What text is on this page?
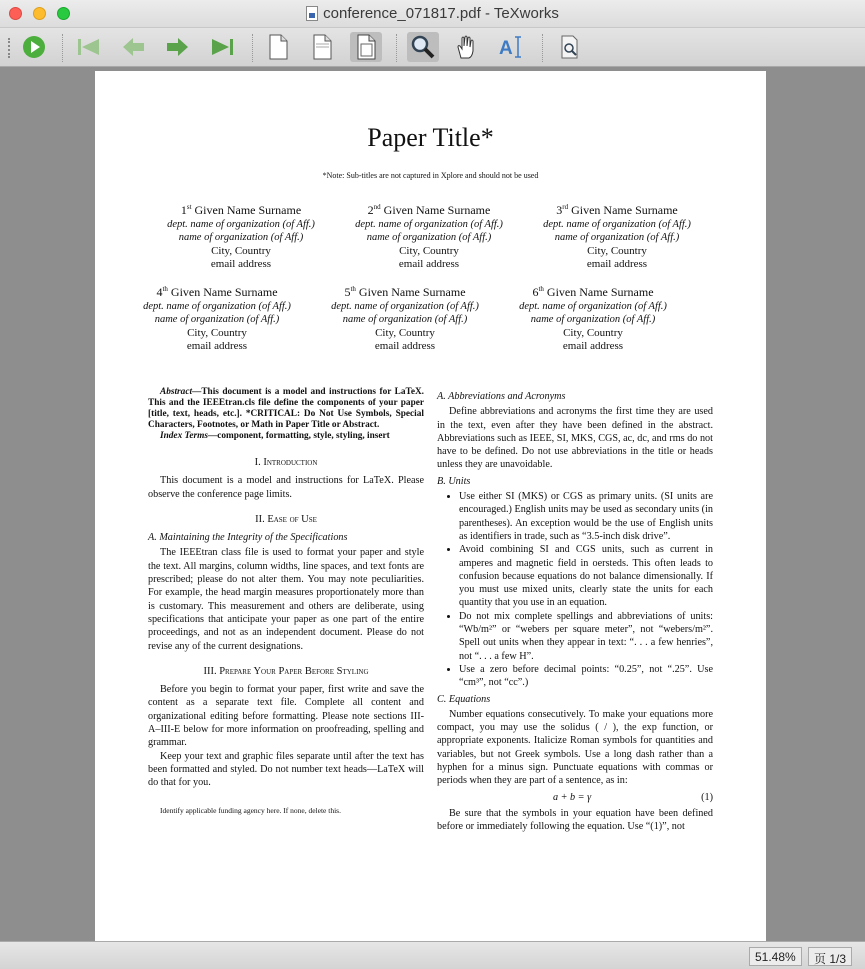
conference_071817.pdf - TeXworks
A
Paper Title*
*Note: Sub-titles are not captured in Xplore and should not be used
1st Given Name Surname
dept. name of organization (of Aff.)
name of organization (of Aff.)
City, Country
email address
2nd Given Name Surname
dept. name of organization (of Aff.)
name of organization (of Aff.)
City, Country
email address
3rd Given Name Surname
dept. name of organization (of Aff.)
name of organization (of Aff.)
City, Country
email address
4th Given Name Surname
dept. name of organization (of Aff.)
name of organization (of Aff.)
City, Country
email address
5th Given Name Surname
dept. name of organization (of Aff.)
name of organization (of Aff.)
City, Country
email address
6th Given Name Surname
dept. name of organization (of Aff.)
name of organization (of Aff.)
City, Country
email address

Abstract—This document is a model and instructions for LaTeX. This and the IEEEtran.cls file define the components of your paper [title, text, heads, etc.]. *CRITICAL: Do Not Use Symbols, Special Characters, Footnotes, or Math in Paper Title or Abstract.

Index Terms—component, formatting, style, styling, insert

I. Introduction

This document is a model and instructions for LaTeX. Please observe the conference page limits.

II. Ease of Use
A. Maintaining the Integrity of the Specifications

The IEEEtran class file is used to format your paper and style the text. All margins, column widths, line spaces, and text fonts are prescribed; please do not alter them. You may note peculiarities. For example, the head margin measures proportionately more than is customary. This measurement and others are deliberate, using specifications that anticipate your paper as one part of the entire proceedings, and not as an independent document. Please do not revise any of the current designations.

III. Prepare Your Paper Before Styling

Before you begin to format your paper, first write and save the content as a separate text file. Complete all content and organizational editing before formatting. Please note sections III-A–III-E below for more information on proofreading, spelling and grammar.

Keep your text and graphic files separate until after the text has been formatted and styled. Do not number text heads—LaTeX will do that for you.

Identify applicable funding agency here. If none, delete this.

A. Abbreviations and Acronyms

Define abbreviations and acronyms the first time they are used in the text, even after they have been defined in the abstract. Abbreviations such as IEEE, SI, MKS, CGS, ac, dc, and rms do not have to be defined. Do not use abbreviations in the title or heads unless they are unavoidable.

B. Units
• Use either SI (MKS) or CGS as primary units. (SI units are encouraged.) English units may be used as secondary units (in parentheses). An exception would be the use of English units as identifiers in trade, such as “3.5-inch disk drive”.
• Avoid combining SI and CGS units, such as current in amperes and magnetic field in oersteds. This often leads to confusion because equations do not balance dimensionally. If you must use mixed units, clearly state the units for each quantity that you use in an equation.
• Do not mix complete spellings and abbreviations of units: “Wb/m²” or “webers per square meter”, not “webers/m²”. Spell out units when they appear in text: “. . . a few henries”, not “. . . a few H”.
• Use a zero before decimal points: “0.25”, not “.25”. Use “cm³”, not “cc”.)
C. Equations

Number equations consecutively. To make your equations more compact, you may use the solidus ( / ), the exp function, or appropriate exponents. Italicize Roman symbols for quantities and variables, but not Greek symbols. Use a long dash rather than a hyphen for a minus sign. Punctuate equations with commas or periods when they are part of a sentence, as in:

a + b = γ	(1)

Be sure that the symbols in your equation have been defined before or immediately following the equation. Use “(1)”, not

51.48%	页 1/3
